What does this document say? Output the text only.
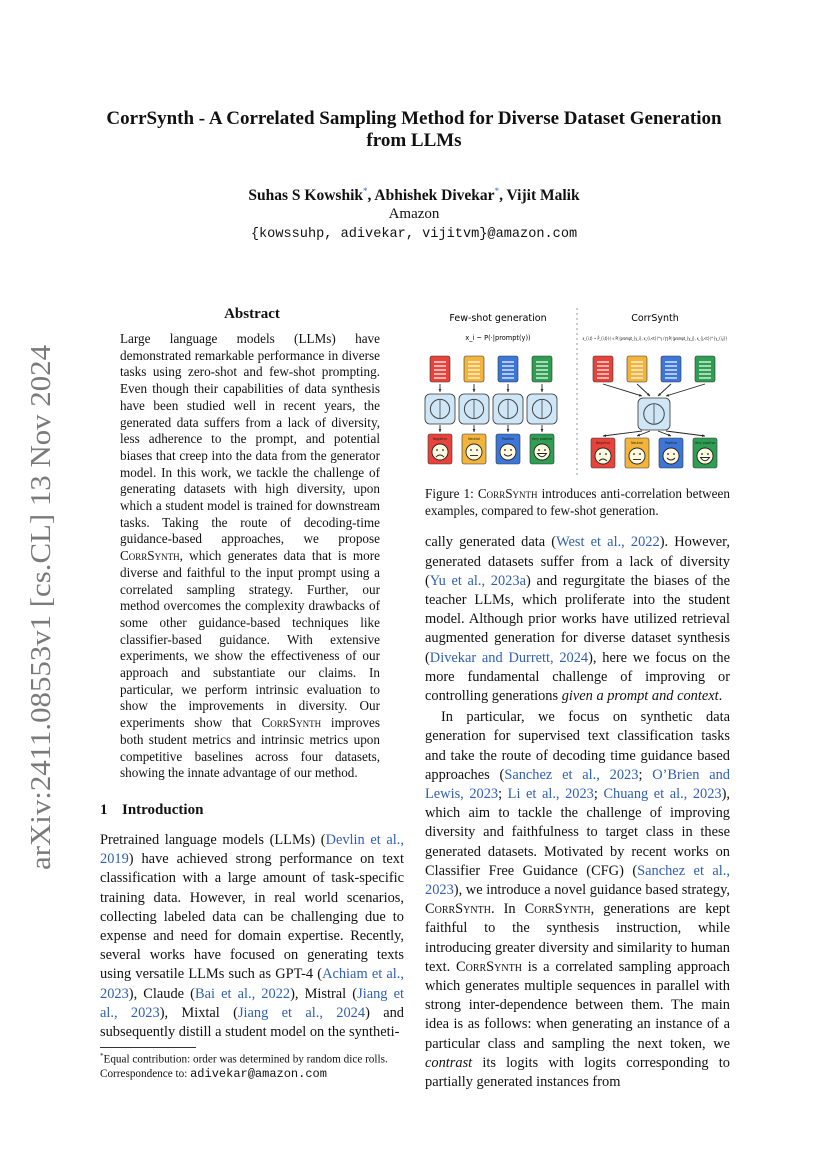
arXiv:2411.08553v1 [cs.CL] 13 Nov 2024
CorrSynth - A Correlated Sampling Method for Diverse Dataset Generation from LLMs
Suhas S Kowshik*, Abhishek Divekar*, Vijit Malik
Amazon
{kowssuhp, adivekar, vijitvm}@amazon.com
Abstract

Large language models (LLMs) have demonstrated remarkable performance in diverse tasks using zero-shot and few-shot prompting. Even though their capabilities of data synthesis have been studied well in recent years, the generated data suffers from a lack of diversity, less adherence to the prompt, and potential biases that creep into the data from the generator model. In this work, we tackle the challenge of generating datasets with high diversity, upon which a student model is trained for downstream tasks. Taking the route of decoding-time guidance-based approaches, we propose CorrSynth, which generates data that is more diverse and faithful to the input prompt using a correlated sampling strategy. Further, our method overcomes the complexity drawbacks of some other guidance-based techniques like classifier-based guidance. With extensive experiments, we show the effectiveness of our approach and substantiate our claims. In particular, we perform intrinsic evaluation to show the improvements in diversity. Our experiments show that CorrSynth improves both student metrics and intrinsic metrics upon competitive baselines across four datasets, showing the innate advantage of our method.

1 Introduction

Pretrained language models (LLMs) (Devlin et al., 2019) have achieved strong performance on text classification with a large amount of task-specific training data. However, in real world scenarios, collecting labeled data can be challenging due to expense and need for domain expertise. Recently, several works have focused on generating texts using versatile LLMs such as GPT-4 (Achiam et al., 2023), Claude (Bai et al., 2022), Mistral (Jiang et al., 2023), Mixtal (Jiang et al., 2024) and subsequently distill a student model on the syntheti-

*Equal contribution: order was determined by random dice rolls. Correspondence to: adivekar@amazon.com

Few-shot generation	CorrSynth
x_i ~ P(·|prompt(y))	x_{i,t} ~ P̂_{i,t}(·) ∝ P(·|prompt_{y_i}, x_{i,<t})^γ / ∏ P(·|prompt_{y_j}, x_{j,<t})^{γ_{i,j}}
Negative	Neutral	Positive	Very positive
Negative	Neutral	Positive	Very positive

Figure 1: CorrSynth introduces anti-correlation between examples, compared to few-shot generation.

cally generated data (West et al., 2022). However, generated datasets suffer from a lack of diversity (Yu et al., 2023a) and regurgitate the biases of the teacher LLMs, which proliferate into the student model. Although prior works have utilized retrieval augmented generation for diverse dataset synthesis (Divekar and Durrett, 2024), here we focus on the more fundamental challenge of improving or controlling generations given a prompt and context.

In particular, we focus on synthetic data generation for supervised text classification tasks and take the route of decoding time guidance based approaches (Sanchez et al., 2023; O’Brien and Lewis, 2023; Li et al., 2023; Chuang et al., 2023), which aim to tackle the challenge of improving diversity and faithfulness to target class in these generated datasets. Motivated by recent works on Classifier Free Guidance (CFG) (Sanchez et al., 2023), we introduce a novel guidance based strategy, CorrSynth. In CorrSynth, generations are kept faithful to the synthesis instruction, while introducing greater diversity and similarity to human text. CorrSynth is a correlated sampling approach which generates multiple sequences in parallel with strong inter-dependence between them. The main idea is as follows: when generating an instance of a particular class and sampling the next token, we contrast its logits with logits corresponding to partially generated instances from
